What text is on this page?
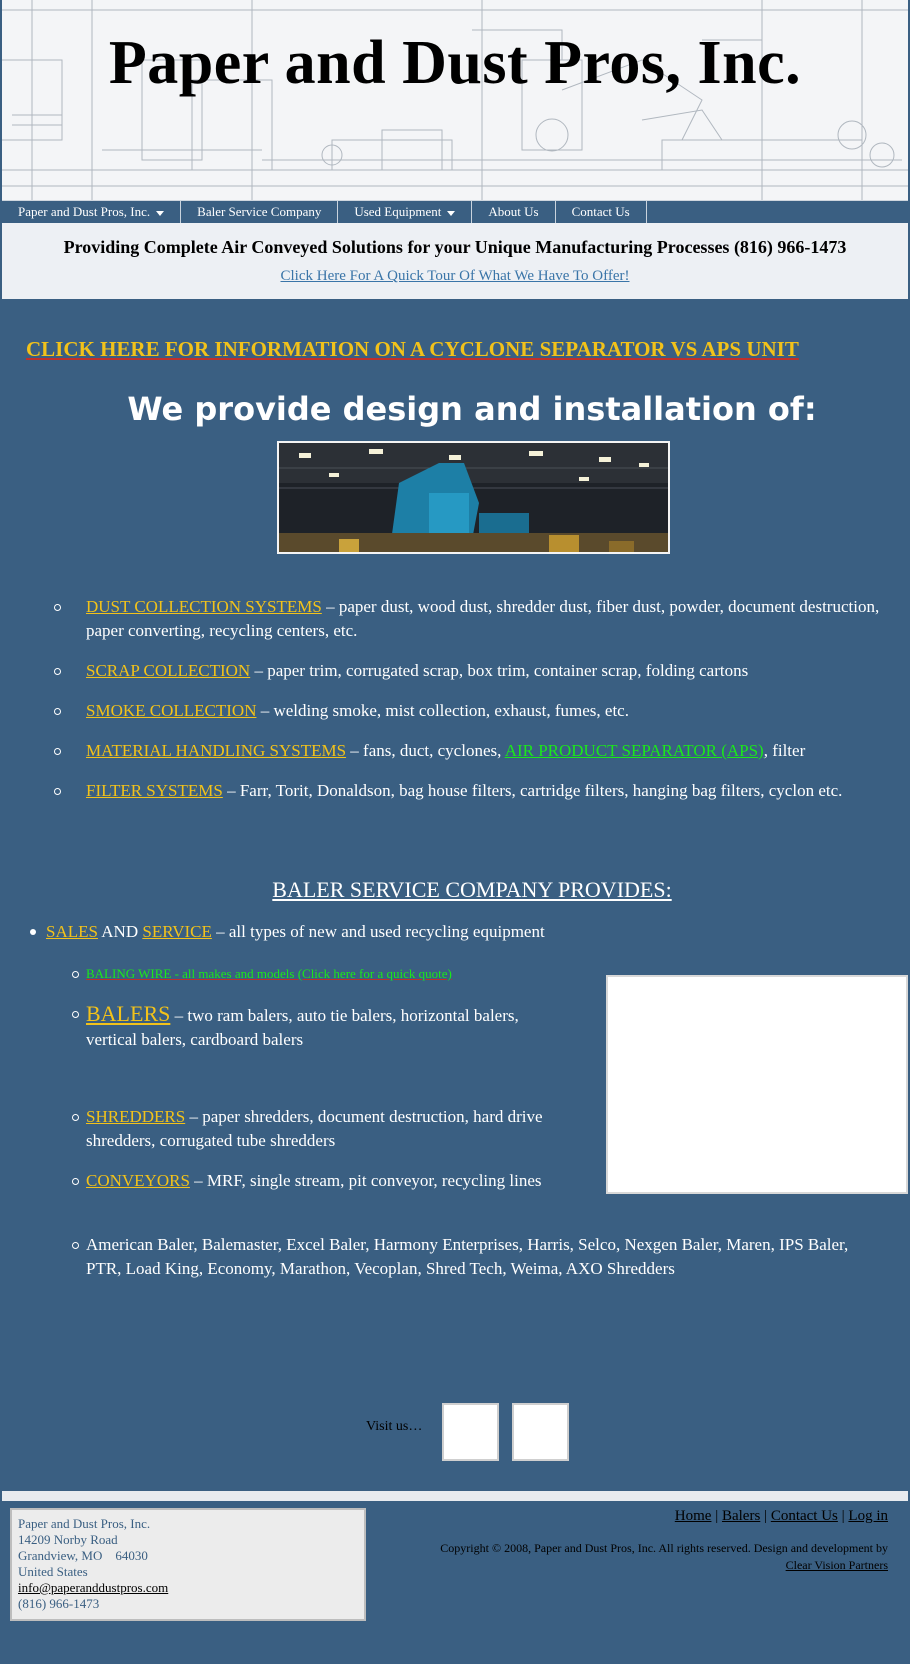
Paper and Dust Pros, Inc.
Paper and Dust Pros, Inc.	Baler Service Company	Used Equipment	About Us	Contact Us
Providing Complete Air Conveyed Solutions for your Unique Manufacturing Processes (816) 966-1473
Click Here For A Quick Tour Of What We Have To Offer!
CLICK HERE FOR INFORMATION ON A CYCLONE SEPARATOR VS APS UNIT
We provide design and installation of:
DUST COLLECTION SYSTEMS – paper dust, wood dust, shredder dust, fiber dust, powder, document destruction, paper converting, recycling centers, etc.
SCRAP COLLECTION – paper trim, corrugated scrap, box trim, container scrap, folding cartons
SMOKE COLLECTION – welding smoke, mist collection, exhaust, fumes, etc.
MATERIAL HANDLING SYSTEMS – fans, duct, cyclones, AIR PRODUCT SEPARATOR (APS), filter
FILTER SYSTEMS – Farr, Torit, Donaldson, bag house filters, cartridge filters, hanging bag filters, cyclon etc.
BALER SERVICE COMPANY PROVIDES:
SALES AND SERVICE – all types of new and used recycling equipment
BALING WIRE - all makes and models (Click here for a quick quote)
BALERS – two ram balers, auto tie balers, horizontal balers, vertical balers, cardboard balers
SHREDDERS – paper shredders, document destruction, hard drive shredders, corrugated tube shredders
CONVEYORS – MRF, single stream, pit conveyor, recycling lines
American Baler, Balemaster, Excel Baler, Harmony Enterprises, Harris, Selco, Nexgen Baler, Maren, IPS Baler, PTR, Load King, Economy, Marathon, Vecoplan, Shred Tech, Weima, AXO Shredders
Visit us…
Paper and Dust Pros, Inc.
14209 Norby Road
Grandview, MO    64030
United States
info@paperanddustpros.com
(816) 966-1473
Home | Balers | Contact Us | Log in
Copyright © 2008, Paper and Dust Pros, Inc. All rights reserved. Design and development by
Clear Vision Partners
